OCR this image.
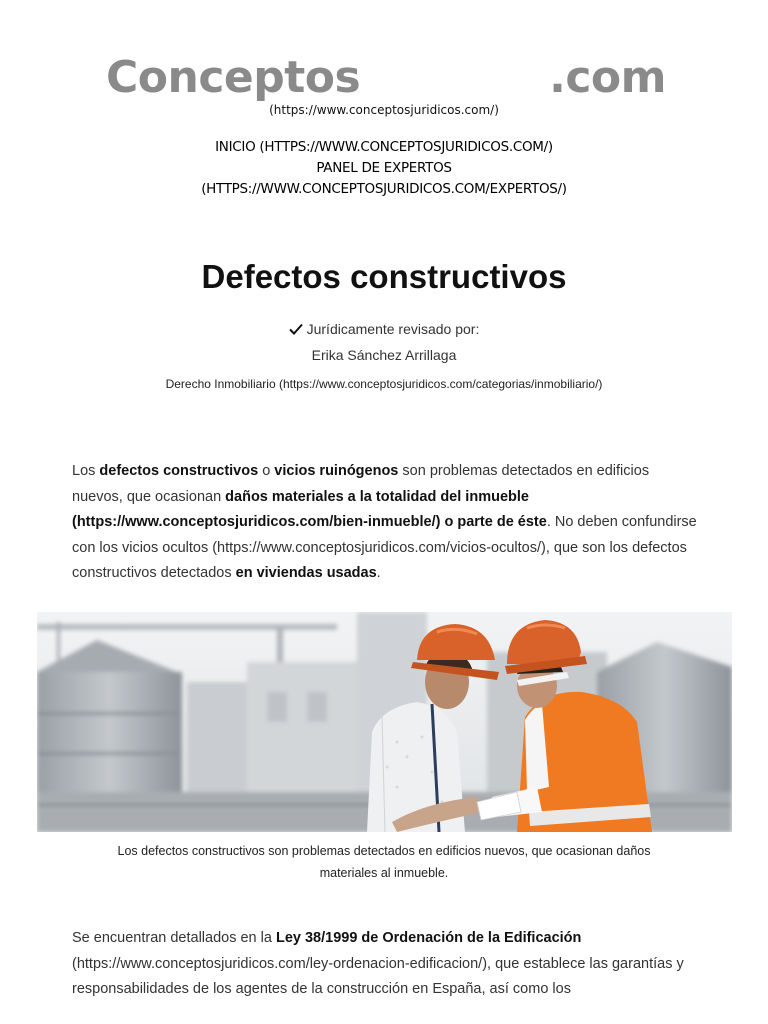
Conceptos	.com
(https://www.conceptosjuridicos.com/)
INICIO (HTTPS://WWW.CONCEPTOSJURIDICOS.COM/)
PANEL DE EXPERTOS
(HTTPS://WWW.CONCEPTOSJURIDICOS.COM/EXPERTOS/)
Defectos constructivos
Jurídicamente revisado por:
Erika Sánchez Arrillaga
Derecho Inmobiliario (https://www.conceptosjuridicos.com/categorias/inmobiliario/)

Los defectos constructivos o vicios ruinógenos son problemas detectados en edificios nuevos, que ocasionan daños materiales a la totalidad del inmueble (https://www.conceptosjuridicos.com/bien-inmueble/) o parte de éste. No deben confundirse con los vicios ocultos (https://www.conceptosjuridicos.com/vicios-ocultos/), que son los defectos constructivos detectados en viviendas usadas.

Los defectos constructivos son problemas detectados en edificios nuevos, que ocasionan daños materiales al inmueble.

Se encuentran detallados en la Ley 38/1999 de Ordenación de la Edificación (https://www.conceptosjuridicos.com/ley-ordenacion-edificacion/), que establece las garantías y responsabilidades de los agentes de la construcción en España, así como los
